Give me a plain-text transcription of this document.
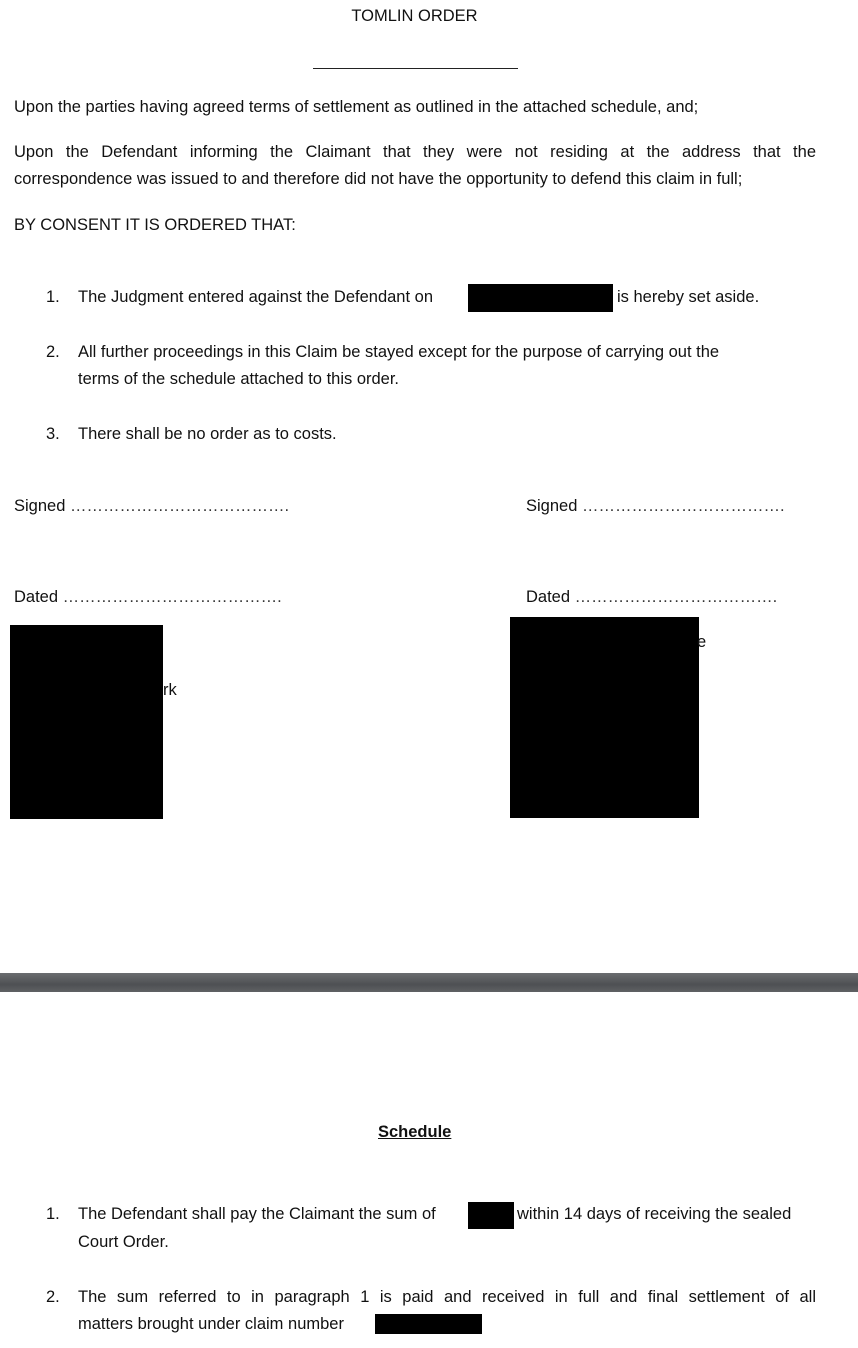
TOMLIN ORDER
Upon the parties having agreed terms of settlement as outlined in the attached schedule, and;
Upon the Defendant informing the Claimant that they were not residing at the address that the correspondence was issued to and therefore did not have the opportunity to defend this claim in full;
BY CONSENT IT IS ORDERED THAT:
1. The Judgment entered against the Defendant on	is hereby set aside.
2. All further proceedings in this Claim be stayed except for the purpose of carrying out the
terms of the schedule attached to this order.
3. There shall be no order as to costs.
Signed ………………………………….	Signed ……………………………….
Dated ………………………………….	Dated ……………………………….
rk
e
Schedule
1. The Defendant shall pay the Claimant the sum of	within 14 days of receiving the sealed
Court Order.
2. The sum referred to in paragraph 1 is paid and received in full and final settlement of all
matters brought under claim number
